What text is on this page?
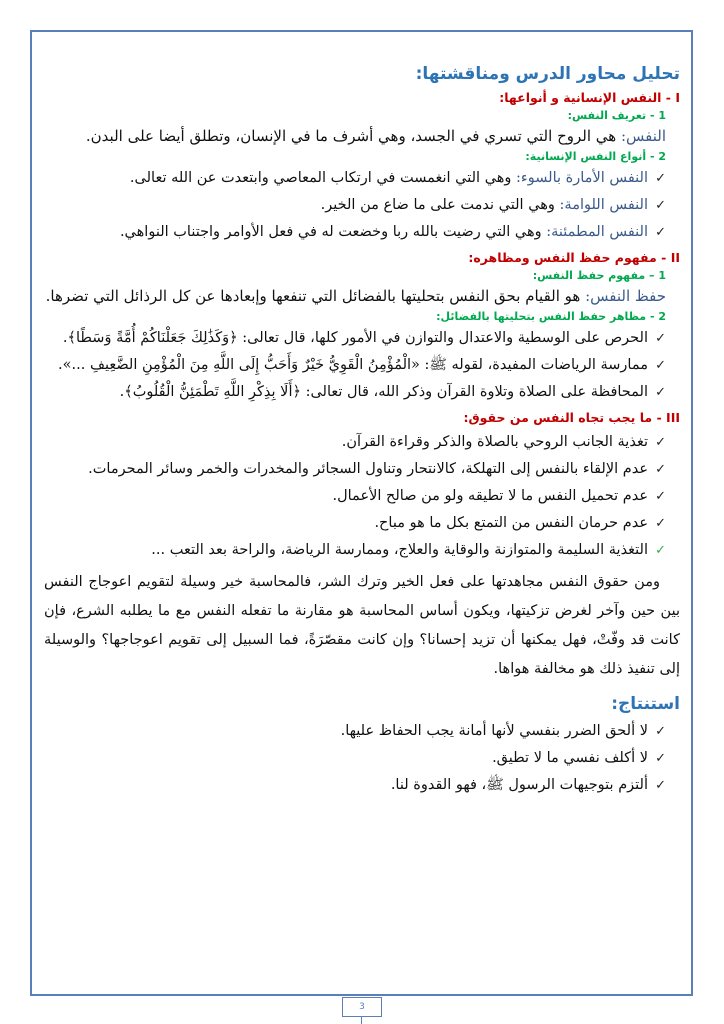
تحليل محاور الدرس ومناقشتها:
I - النفس الإنسانية و أنواعها:
1 - تعريف النفس:

النفس: هي الروح التي تسري في الجسد، وهي أشرف ما في الإنسان، وتطلق أيضا على البدن.

2 - أنواع النفس الإنسانية:
✓
النفس الأمارة بالسوء: وهي التي انغمست في ارتكاب المعاصي وابتعدت عن الله تعالى.
✓
النفس اللوامة: وهي التي ندمت على ما ضاع من الخير.
✓
النفس المطمئنة: وهي التي رضيت بالله ربا وخضعت له في فعل الأوامر واجتناب النواهي.
II - مفهوم حفظ النفس ومظاهره:
1 – مفهوم حفظ النفس:

حفظ النفس: هو القيام بحق النفس بتحليتها بالفضائل التي تنفعها وإبعادها عن كل الرذائل التي تضرها.

2 - مظاهر حفظ النفس بتحليتها بالفضائل:
✓
الحرص على الوسطية والاعتدال والتوازن في الأمور كلها، قال تعالى: ﴿وَكَذَٰلِكَ جَعَلْنَاكُمْ أُمَّةً وَسَطًا﴾.
✓
ممارسة الرياضات المفيدة، لقوله ﷺ: «الْمُؤْمِنُ الْقَوِيُّ خَيْرٌ وَأَحَبُّ إِلَى اللَّهِ مِنَ الْمُؤْمِنِ الضَّعِيفِ ...».
✓
المحافظة على الصلاة وتلاوة القرآن وذكر الله، قال تعالى: ﴿أَلَا بِذِكْرِ اللَّهِ تَطْمَئِنُّ الْقُلُوبُ﴾.
III - ما يجب تجاه النفس من حقوق:
✓
تغذية الجانب الروحي بالصلاة والذكر وقراءة القرآن.
✓
عدم الإلقاء بالنفس إلى التهلكة، كالانتحار وتناول السجائر والمخدرات والخمر وسائر المحرمات.
✓
عدم تحميل النفس ما لا تطيقه ولو من صالح الأعمال.
✓
عدم حرمان النفس من التمتع بكل ما هو مباح.
✓
التغذية السليمة والمتوازنة والوقاية والعلاج، وممارسة الرياضة، والراحة بعد التعب ...

ومن حقوق النفس مجاهدتها على فعل الخير وترك الشر، فالمحاسبة خير وسيلة لتقويم اعوجاج النفس بين حين وآخر لغرض تزكيتها، ويكون أساس المحاسبة هو مقارنة ما تفعله النفس مع ما يطلبه الشرع، فإن كانت قد وفّتْ، فهل يمكنها أن تزيد إحسانا؟ وإن كانت مقصّرَةً، فما السبيل إلى تقويم اعوجاجها؟ والوسيلة إلى تنفيذ ذلك هو مخالفة هواها.

استنتاج:
✓
لا ألحق الضرر بنفسي لأنها أمانة يجب الحفاظ عليها.
✓
لا أكلف نفسي ما لا تطيق.
✓
ألتزم بتوجيهات الرسول ﷺ، فهو القدوة لنا.
3
